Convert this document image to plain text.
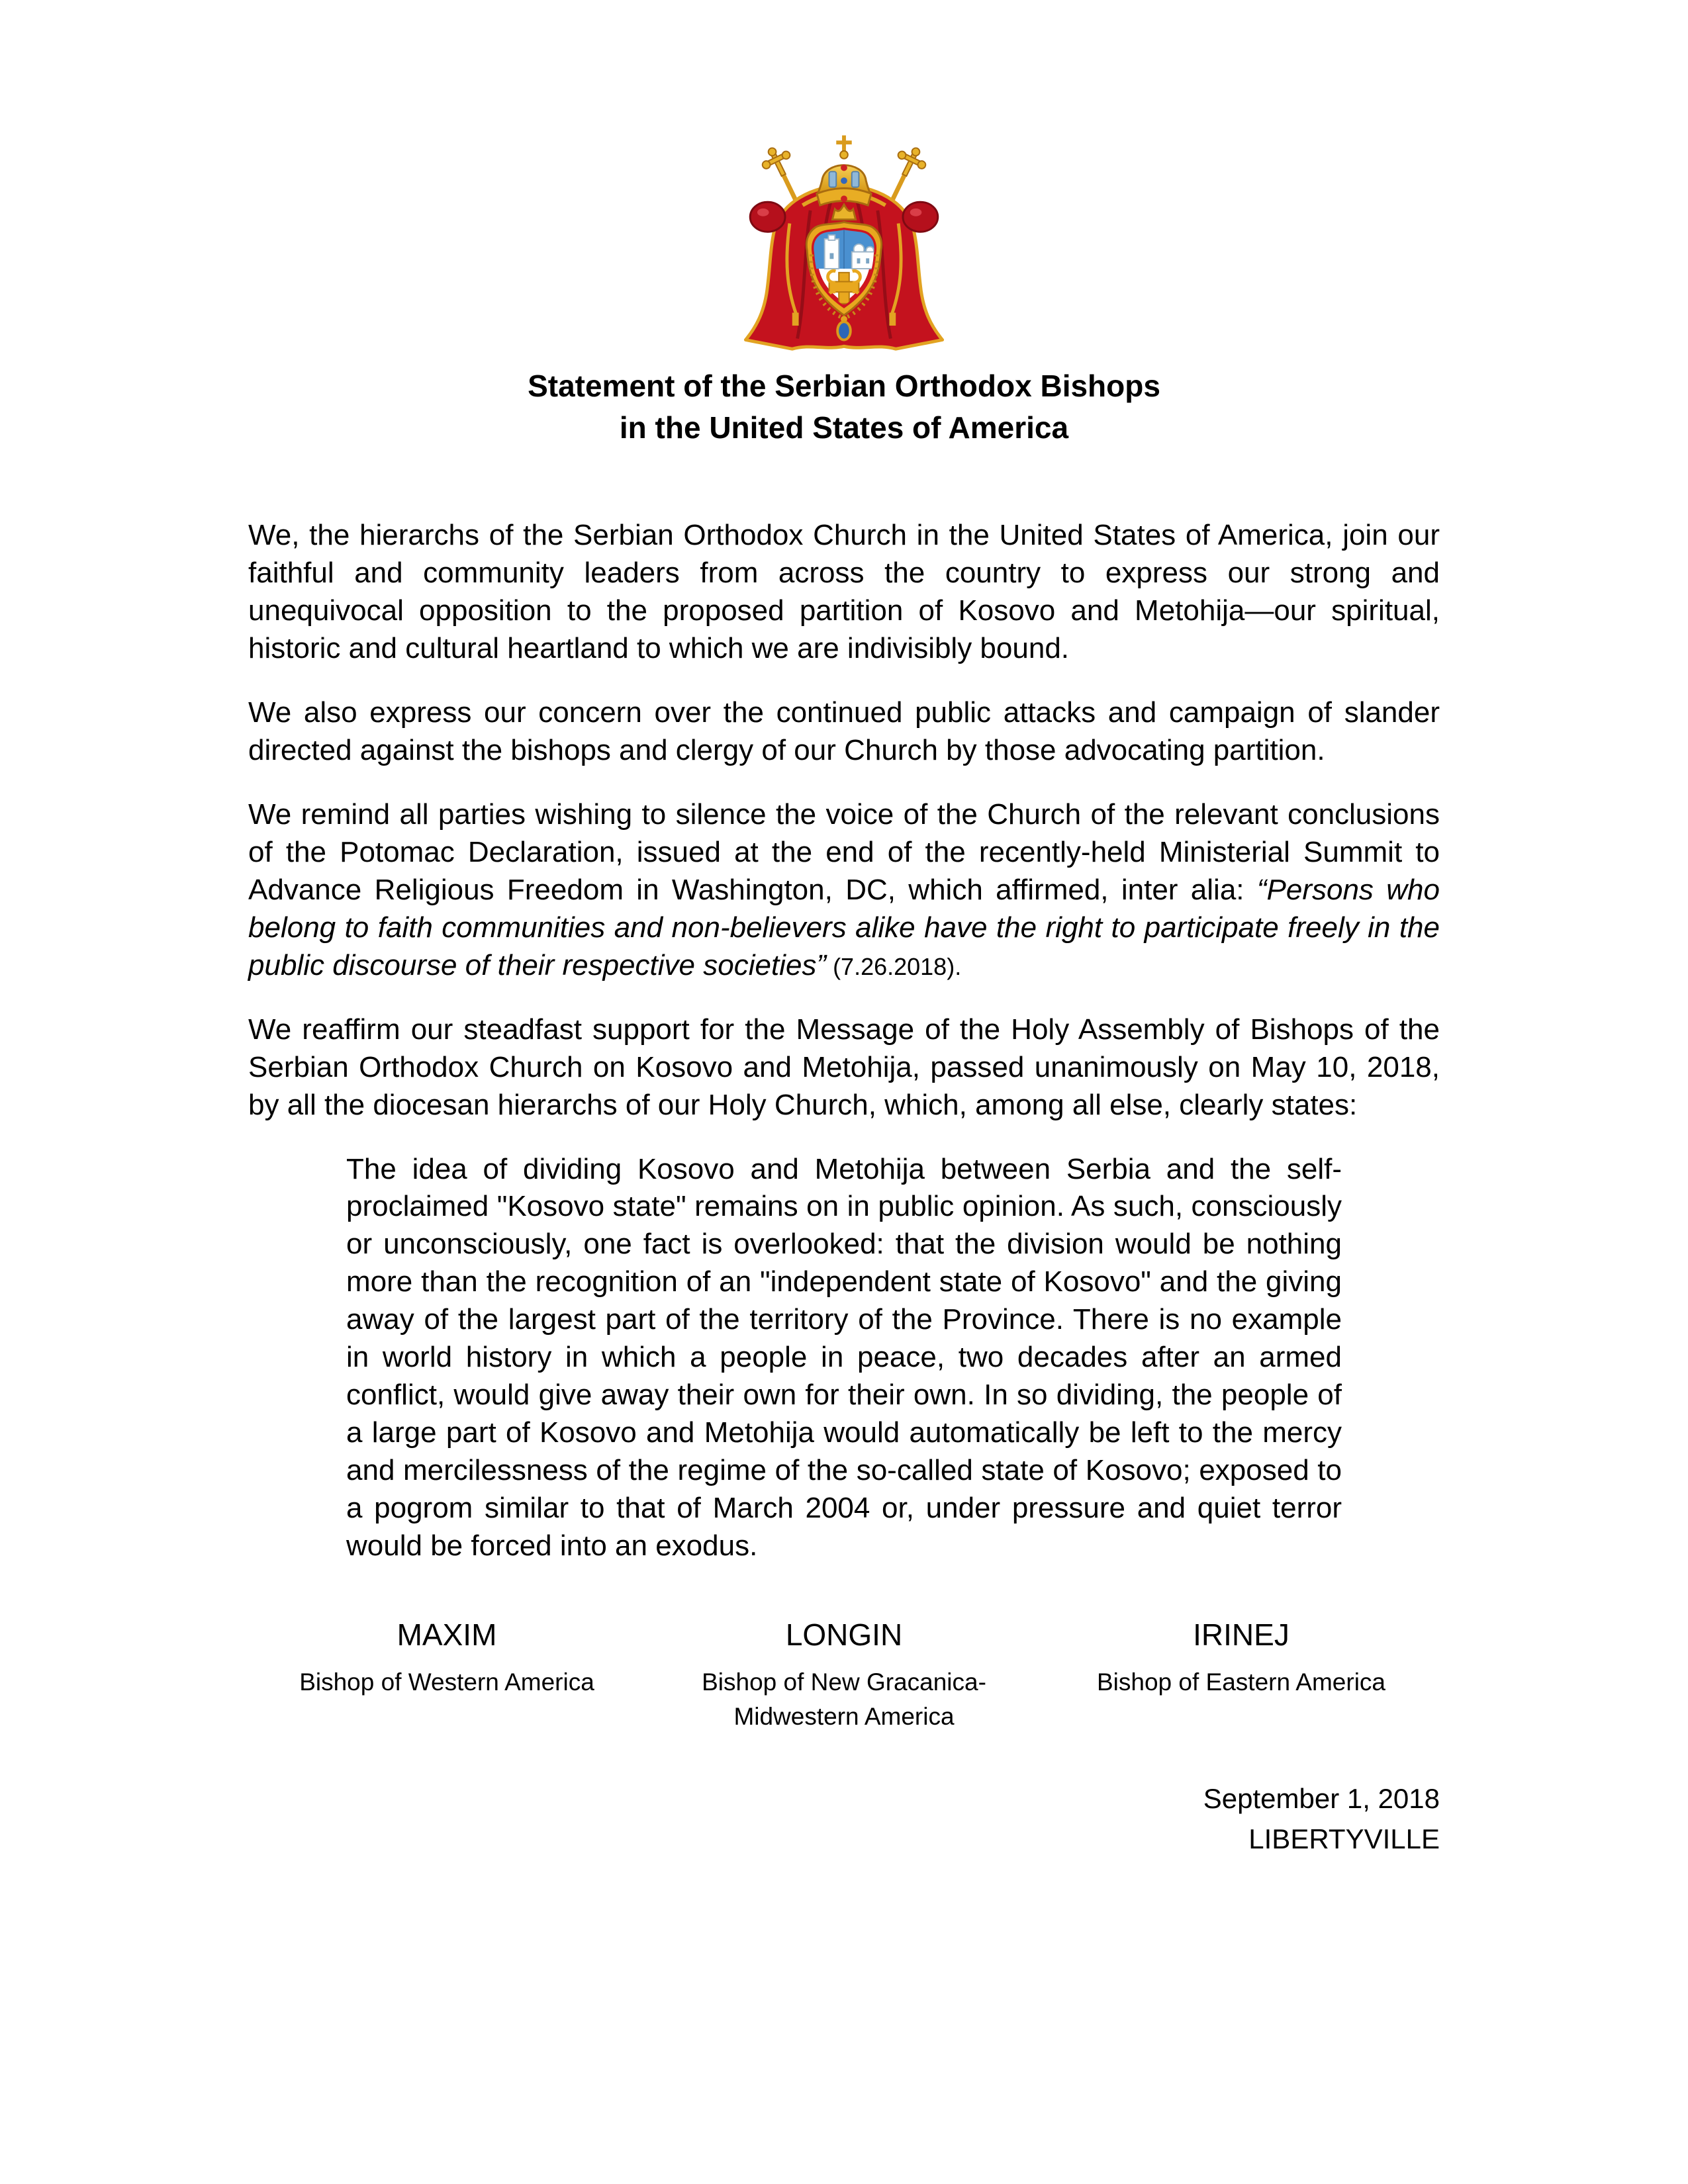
Statement of the Serbian Orthodox Bishops
in the United States of America

We, the hierarchs of the Serbian Orthodox Church in the United States of America, join our faithful and community leaders from across the country to express our strong and unequivocal opposition to the proposed partition of Kosovo and Metohija—our spiritual, historic and cultural heartland to which we are indivisibly bound.

We also express our concern over the continued public attacks and campaign of slander directed against the bishops and clergy of our Church by those advocating partition.

We remind all parties wishing to silence the voice of the Church of the relevant conclusions of the Potomac Declaration, issued at the end of the recently-held Ministerial Summit to Advance Religious Freedom in Washington, DC, which affirmed, inter alia: “Persons who belong to faith communities and non-believers alike have the right to participate freely in the public discourse of their respective societies” (7.26.2018).

We reaffirm our steadfast support for the Message of the Holy Assembly of Bishops of the Serbian Orthodox Church on Kosovo and Metohija, passed unanimously on May 10, 2018, by all the diocesan hierarchs of our Holy Church, which, among all else, clearly states:

The idea of dividing Kosovo and Metohija between Serbia and the self-proclaimed "Kosovo state" remains on in public opinion. As such, consciously or unconsciously, one fact is overlooked: that the division would be nothing more than the recognition of an "independent state of Kosovo" and the giving away of the largest part of the territory of the Province. There is no example in world history in which a people in peace, two decades after an armed conflict, would give away their own for their own. In so dividing, the people of a large part of Kosovo and Metohija would automatically be left to the mercy and mercilessness of the regime of the so-called state of Kosovo; exposed to a pogrom similar to that of March 2004 or, under pressure and quiet terror would be forced into an exodus.
MAXIM
Bishop of Western America
LONGIN
Bishop of New Gracanica-Midwestern America
IRINEJ
Bishop of Eastern America
September 1, 2018
LIBERTYVILLE
